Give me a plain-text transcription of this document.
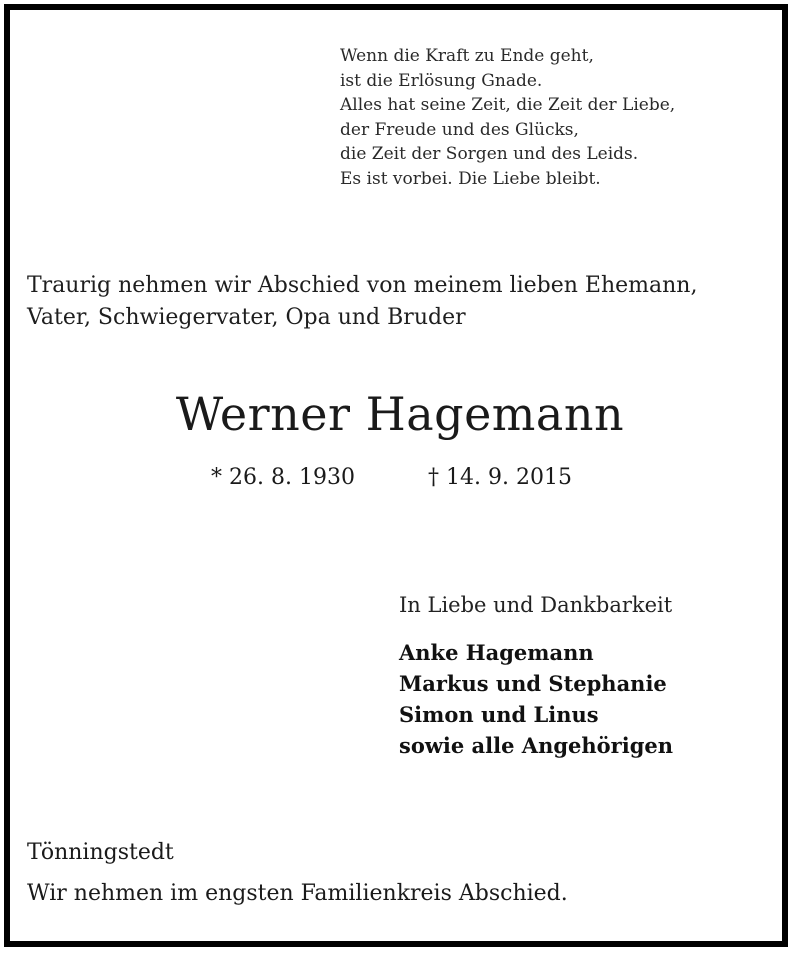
Wenn die Kraft zu Ende geht,
ist die Erlösung Gnade.
Alles hat seine Zeit, die Zeit der Liebe,
der Freude und des Glücks,
die Zeit der Sorgen und des Leids.
Es ist vorbei. Die Liebe bleibt.
Traurig nehmen wir Abschied von meinem lieben Ehemann,
Vater, Schwiegervater, Opa und Bruder
Werner Hagemann
* 26. 8. 1930	† 14. 9. 2015
In Liebe und Dankbarkeit
Anke Hagemann
Markus und Stephanie
Simon und Linus
sowie alle Angehörigen
Tönningstedt
Wir nehmen im engsten Familienkreis Abschied.
